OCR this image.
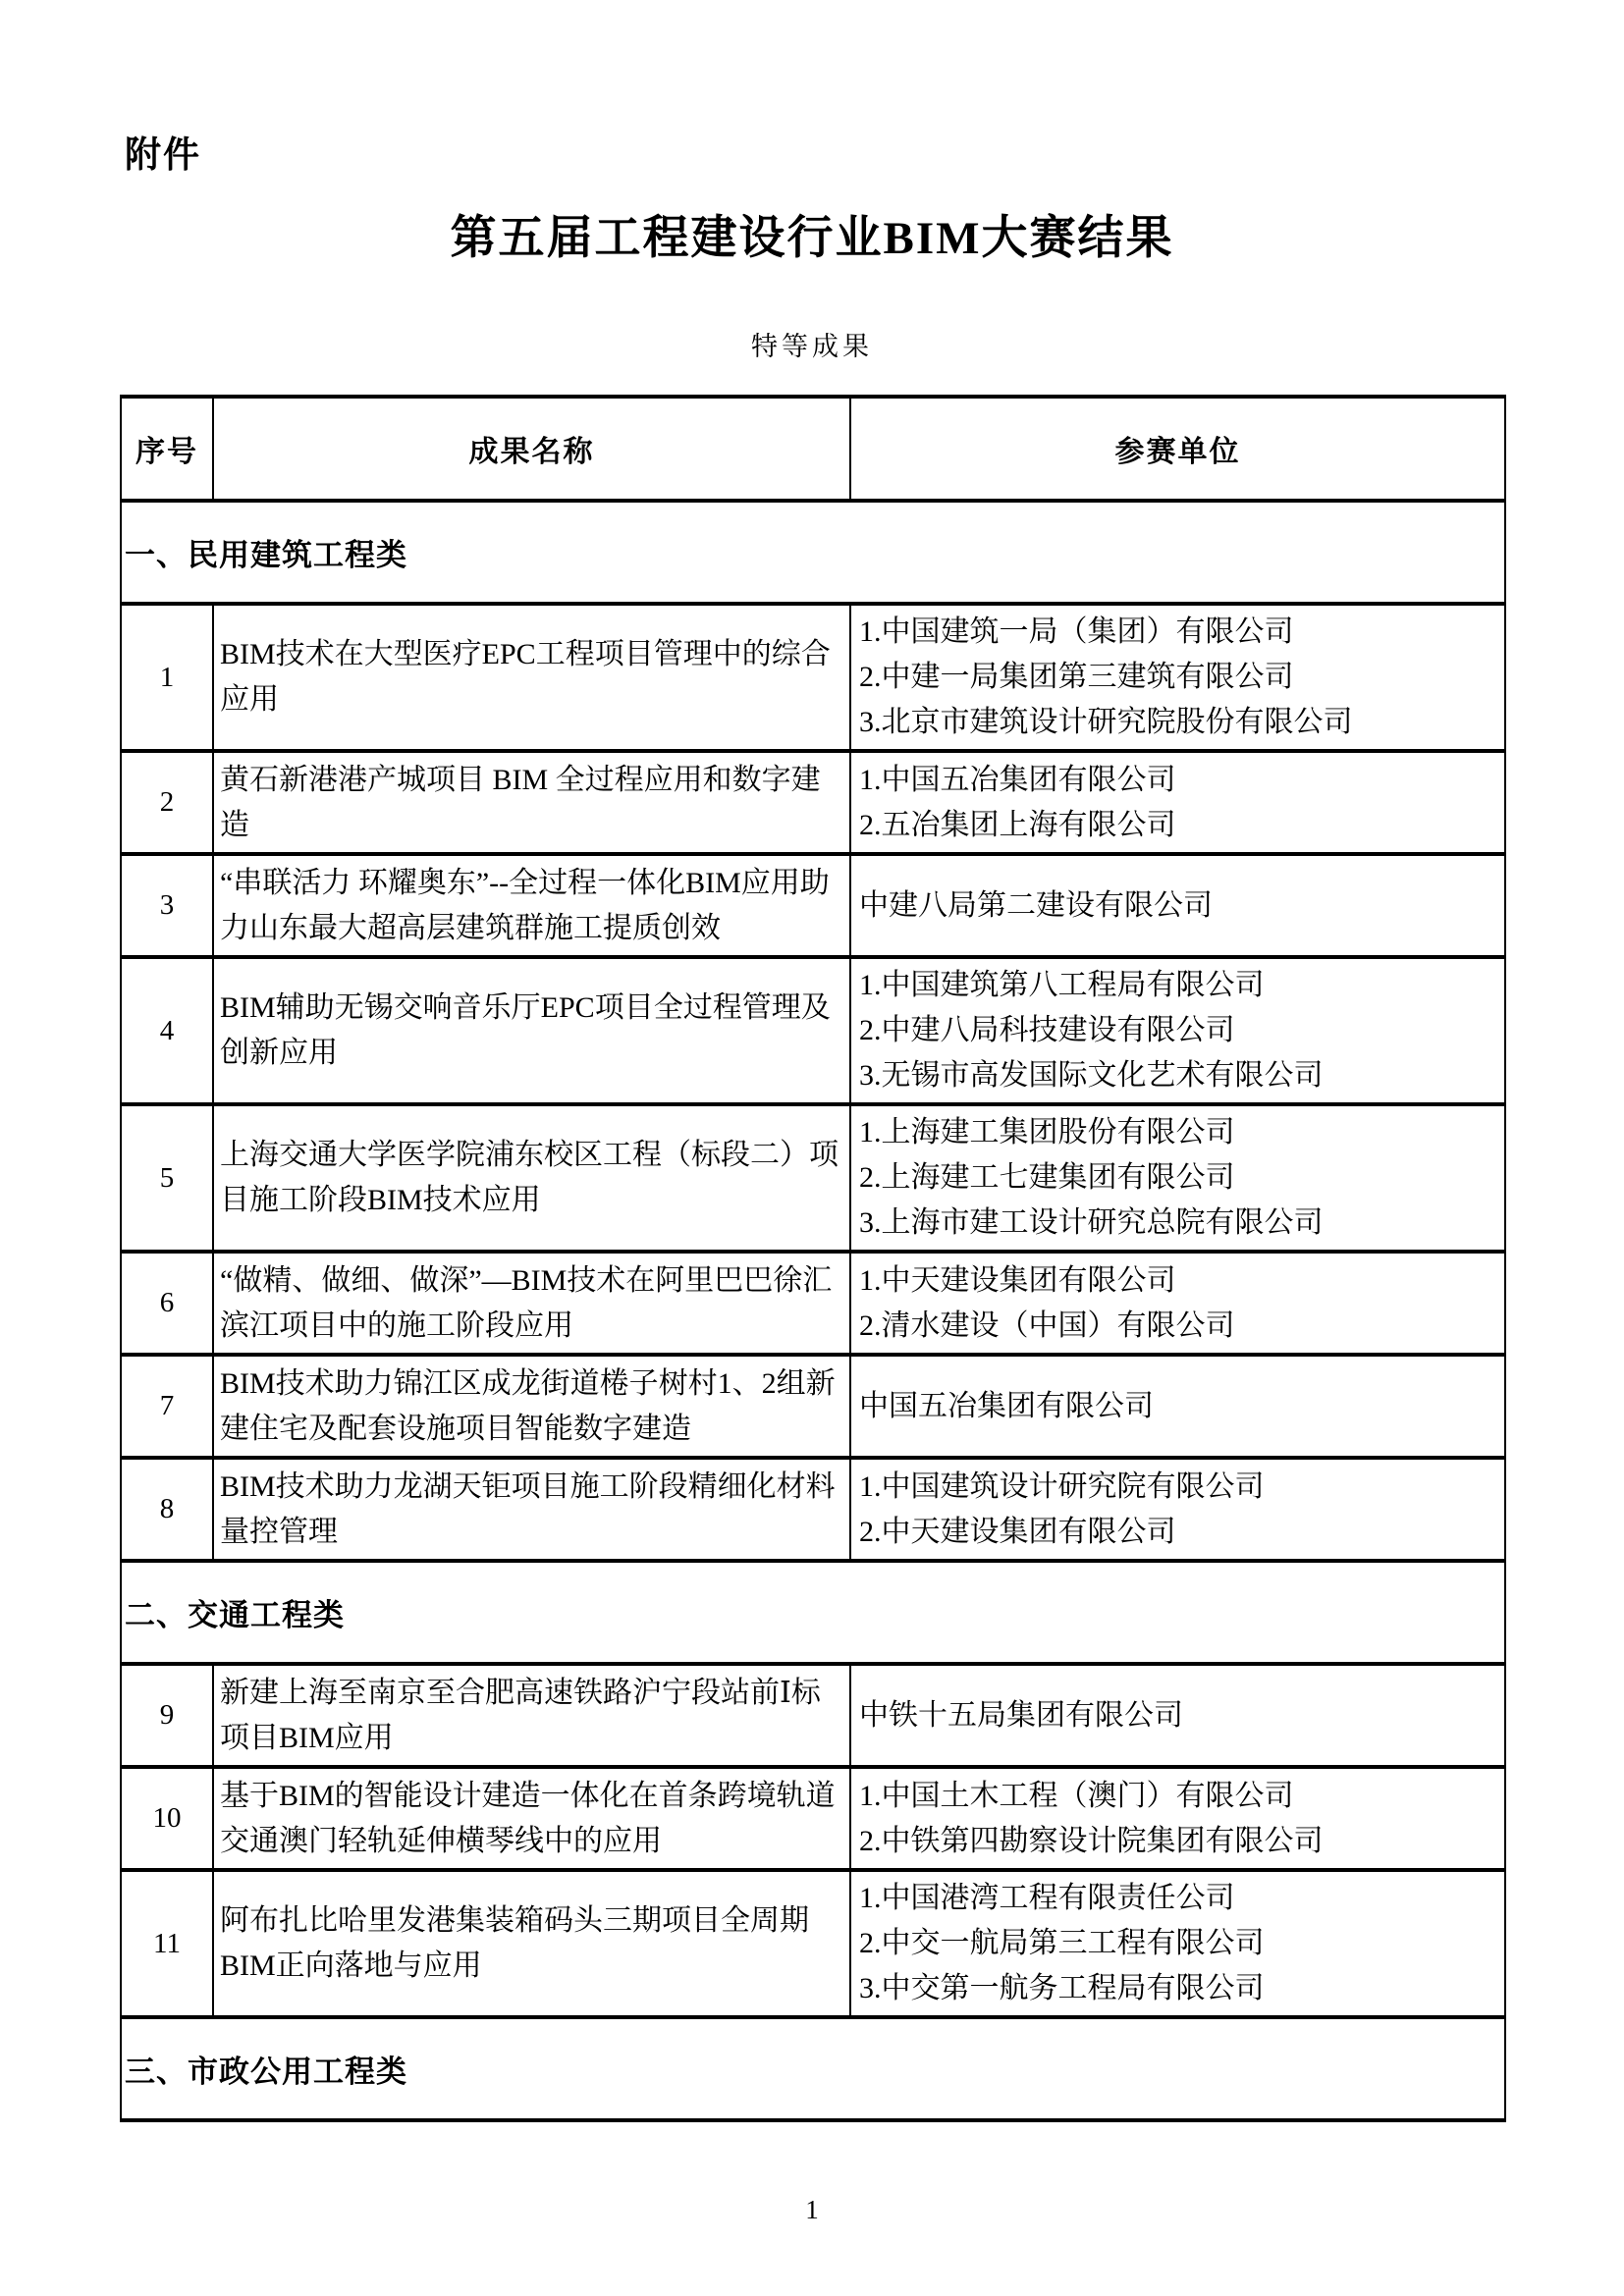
附件
第五届工程建设行业BIM大赛结果
特等成果
序号	成果名称	参赛单位
一、民用建筑工程类		
1	BIM技术在大型医疗EPC工程项目管理中的综合应用	1.中国建筑一局（集团）有限公司
2.中建一局集团第三建筑有限公司
3.北京市建筑设计研究院股份有限公司

2	黄石新港港产城项目 BIM 全过程应用和数字建造	1.中国五冶集团有限公司
2.五冶集团上海有限公司

3	“串联活力 环耀奥东”--全过程一体化BIM应用助力山东最大超高层建筑群施工提质创效	中建八局第二建设有限公司

4	BIM辅助无锡交响音乐厅EPC项目全过程管理及创新应用	1.中国建筑第八工程局有限公司
2.中建八局科技建设有限公司
3.无锡市高发国际文化艺术有限公司

5	上海交通大学医学院浦东校区工程（标段二）项目施工阶段BIM技术应用	1.上海建工集团股份有限公司
2.上海建工七建集团有限公司
3.上海市建工设计研究总院有限公司

6	“做精、做细、做深”—BIM技术在阿里巴巴徐汇滨江项目中的施工阶段应用	1.中天建设集团有限公司
2.清水建设（中国）有限公司

7	BIM技术助力锦江区成龙街道棬子树村1、2组新建住宅及配套设施项目智能数字建造	中国五冶集团有限公司

8	BIM技术助力龙湖天钜项目施工阶段精细化材料量控管理	1.中国建筑设计研究院有限公司
2.中天建设集团有限公司

二、交通工程类		
9	新建上海至南京至合肥高速铁路沪宁段站前Ⅰ标项目BIM应用	中铁十五局集团有限公司

10	基于BIM的智能设计建造一体化在首条跨境轨道交通澳门轻轨延伸横琴线中的应用	1.中国土木工程（澳门）有限公司
2.中铁第四勘察设计院集团有限公司

11	阿布扎比哈里发港集装箱码头三期项目全周期BIM正向落地与应用	1.中国港湾工程有限责任公司
2.中交一航局第三工程有限公司
3.中交第一航务工程局有限公司

三、市政公用工程类		
1
